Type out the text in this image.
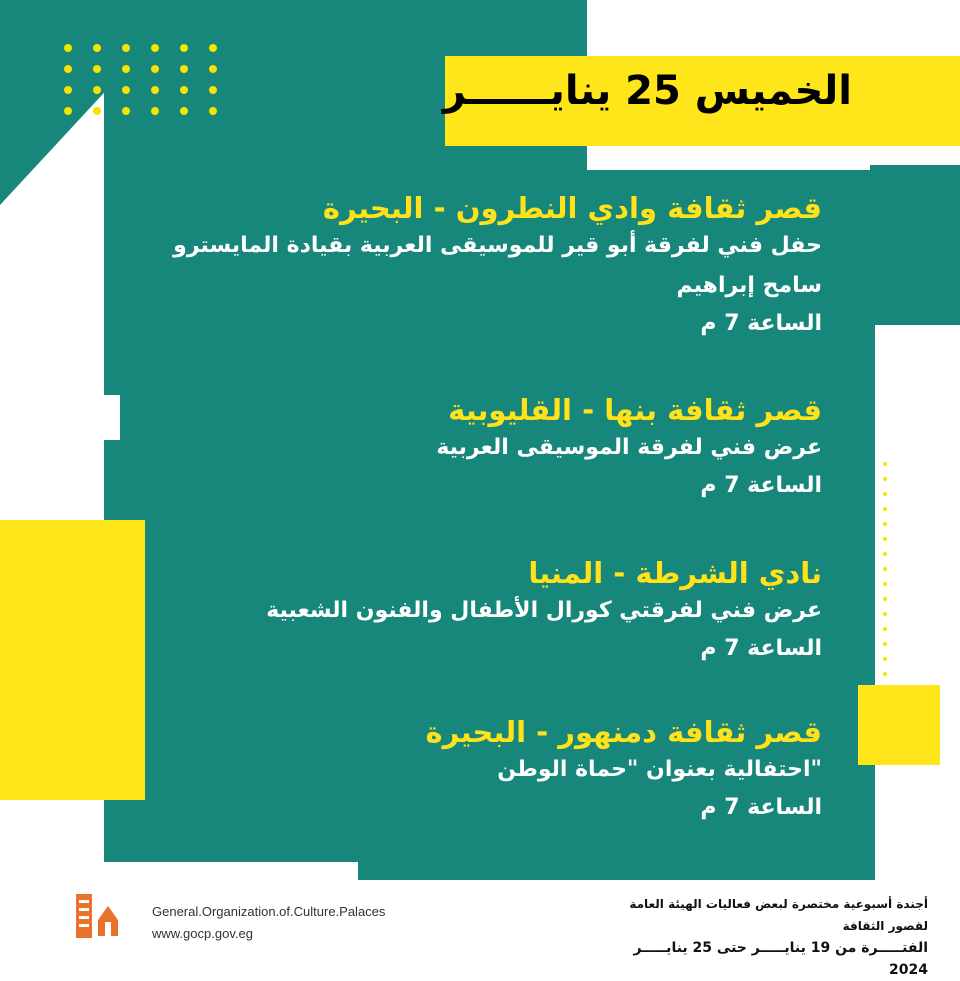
الخميس 25 ينايــــــر
قصر ثقافة وادي النطرون - البحيرة
حفل فني لفرقة أبو قير للموسيقى العربية بقيادة المايسترو سامح إبراهيم
الساعة 7 م
قصر ثقافة بنها - القليوبية
عرض فني لفرقة الموسيقى العربية
الساعة 7 م
نادي الشرطة - المنيا
عرض فني لفرقتي كورال الأطفال والفنون الشعبية
الساعة 7 م
قصر ثقافة دمنهور - البحيرة
"احتفالية بعنوان "حماة الوطن
الساعة 7 م
General.Organization.of.Culture.Palaces
www.gocp.gov.eg
أجندة أسبوعية مختصرة لبعض فعاليات الهيئة العامة لقصور الثقافة
الفتـــــرة من 19 ينايـــــر حتى 25 ينايـــــر 2024
